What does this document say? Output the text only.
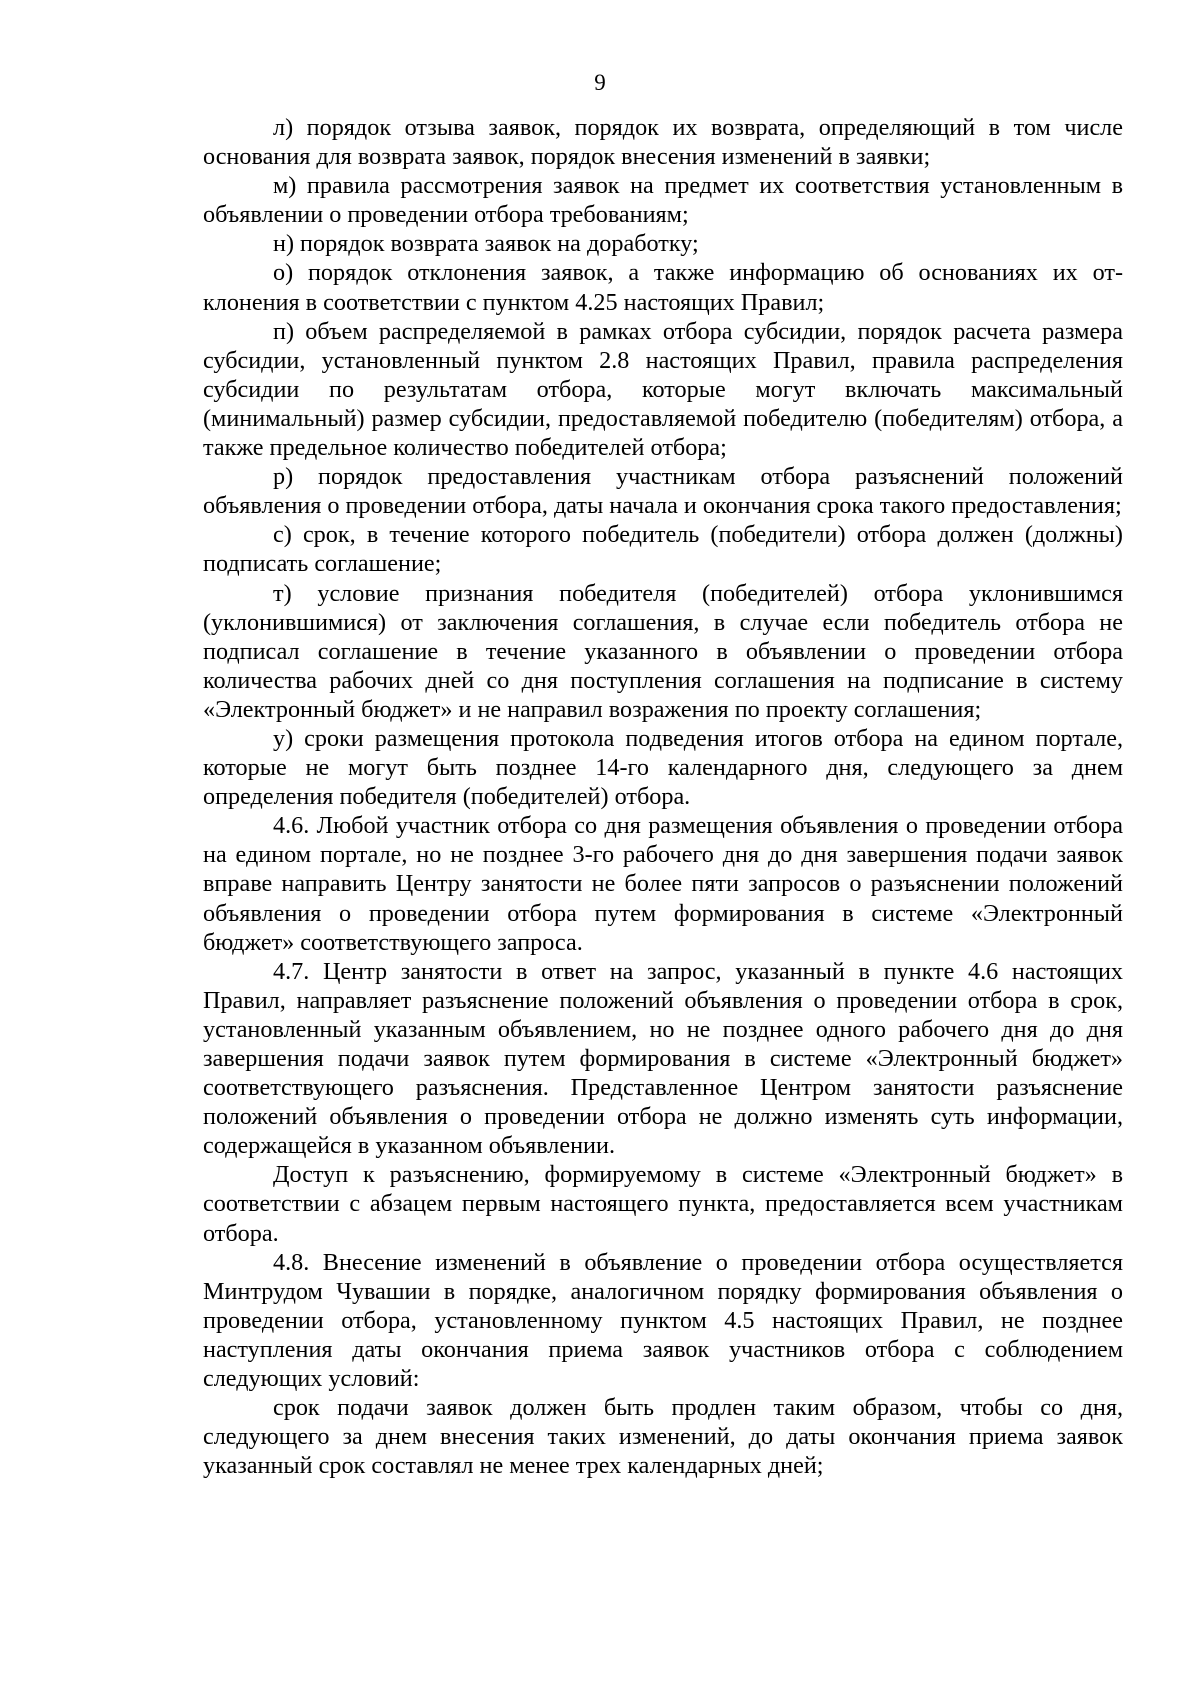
9

л) порядок отзыва заявок, порядок их возврата, определяющий в том числе основания для возврата заявок, порядок внесения изменений в заявки;

м) правила рассмотрения заявок на предмет их соответствия установленным в объявлении о проведении отбора требованиям;

н) порядок возврата заявок на доработку;

о) порядок отклонения заявок, а также информацию об основаниях их отклонения в соответствии с пунктом 4.25 настоящих Правил;

п) объем распределяемой в рамках отбора субсидии, порядок расчета размера субсидии, установленный пунктом 2.8 настоящих Правил, правила распределения субсидии по результатам отбора, которые могут включать максимальный (минимальный) размер субсидии, предоставляемой победителю (победителям) отбора, а также предельное количество победителей отбора;

р) порядок предоставления участникам отбора разъяснений положений объявления о проведении отбора, даты начала и окончания срока такого предоставления;

с) срок, в течение которого победитель (победители) отбора должен (должны) подписать соглашение;

т) условие признания победителя (победителей) отбора уклонившимся (уклонившимися) от заключения соглашения, в случае если победитель отбора не подписал соглашение в течение указанного в объявлении о проведении отбора количества рабочих дней со дня поступления соглашения на подписание в систему «Электронный бюджет» и не направил возражения по проекту соглашения;

у) сроки размещения протокола подведения итогов отбора на едином портале, которые не могут быть позднее 14-го календарного дня, следующего за днем определения победителя (победителей) отбора.

4.6. Любой участник отбора со дня размещения объявления о проведении отбора на едином портале, но не позднее 3-го рабочего дня до дня завершения подачи заявок вправе направить Центру занятости не более пяти запросов о разъяснении положений объявления о проведении отбора путем формирования в системе «Электронный бюджет» соответствующего запроса.

4.7. Центр занятости в ответ на запрос, указанный в пункте 4.6 настоящих Правил, направляет разъяснение положений объявления о проведении отбора в срок, установленный указанным объявлением, но не позднее одного рабочего дня до дня завершения подачи заявок путем формирования в системе «Электронный бюджет» соответствующего разъяснения. Представленное Центром занятости разъяснение положений объявления о проведении отбора не должно изменять суть информации, содержащейся в указанном объявлении.

Доступ к разъяснению, формируемому в системе «Электронный бюджет» в соответствии с абзацем первым настоящего пункта, предоставляется всем участникам отбора.

4.8. Внесение изменений в объявление о проведении отбора осуществляется Минтрудом Чувашии в порядке, аналогичном порядку формирования объявления о проведении отбора, установленному пунктом 4.5 настоящих Правил, не позднее наступления даты окончания приема заявок участников отбора с соблюдением следующих условий:

срок подачи заявок должен быть продлен таким образом, чтобы со дня, следующего за днем внесения таких изменений, до даты окончания приема заявок указанный срок составлял не менее трех календарных дней;
